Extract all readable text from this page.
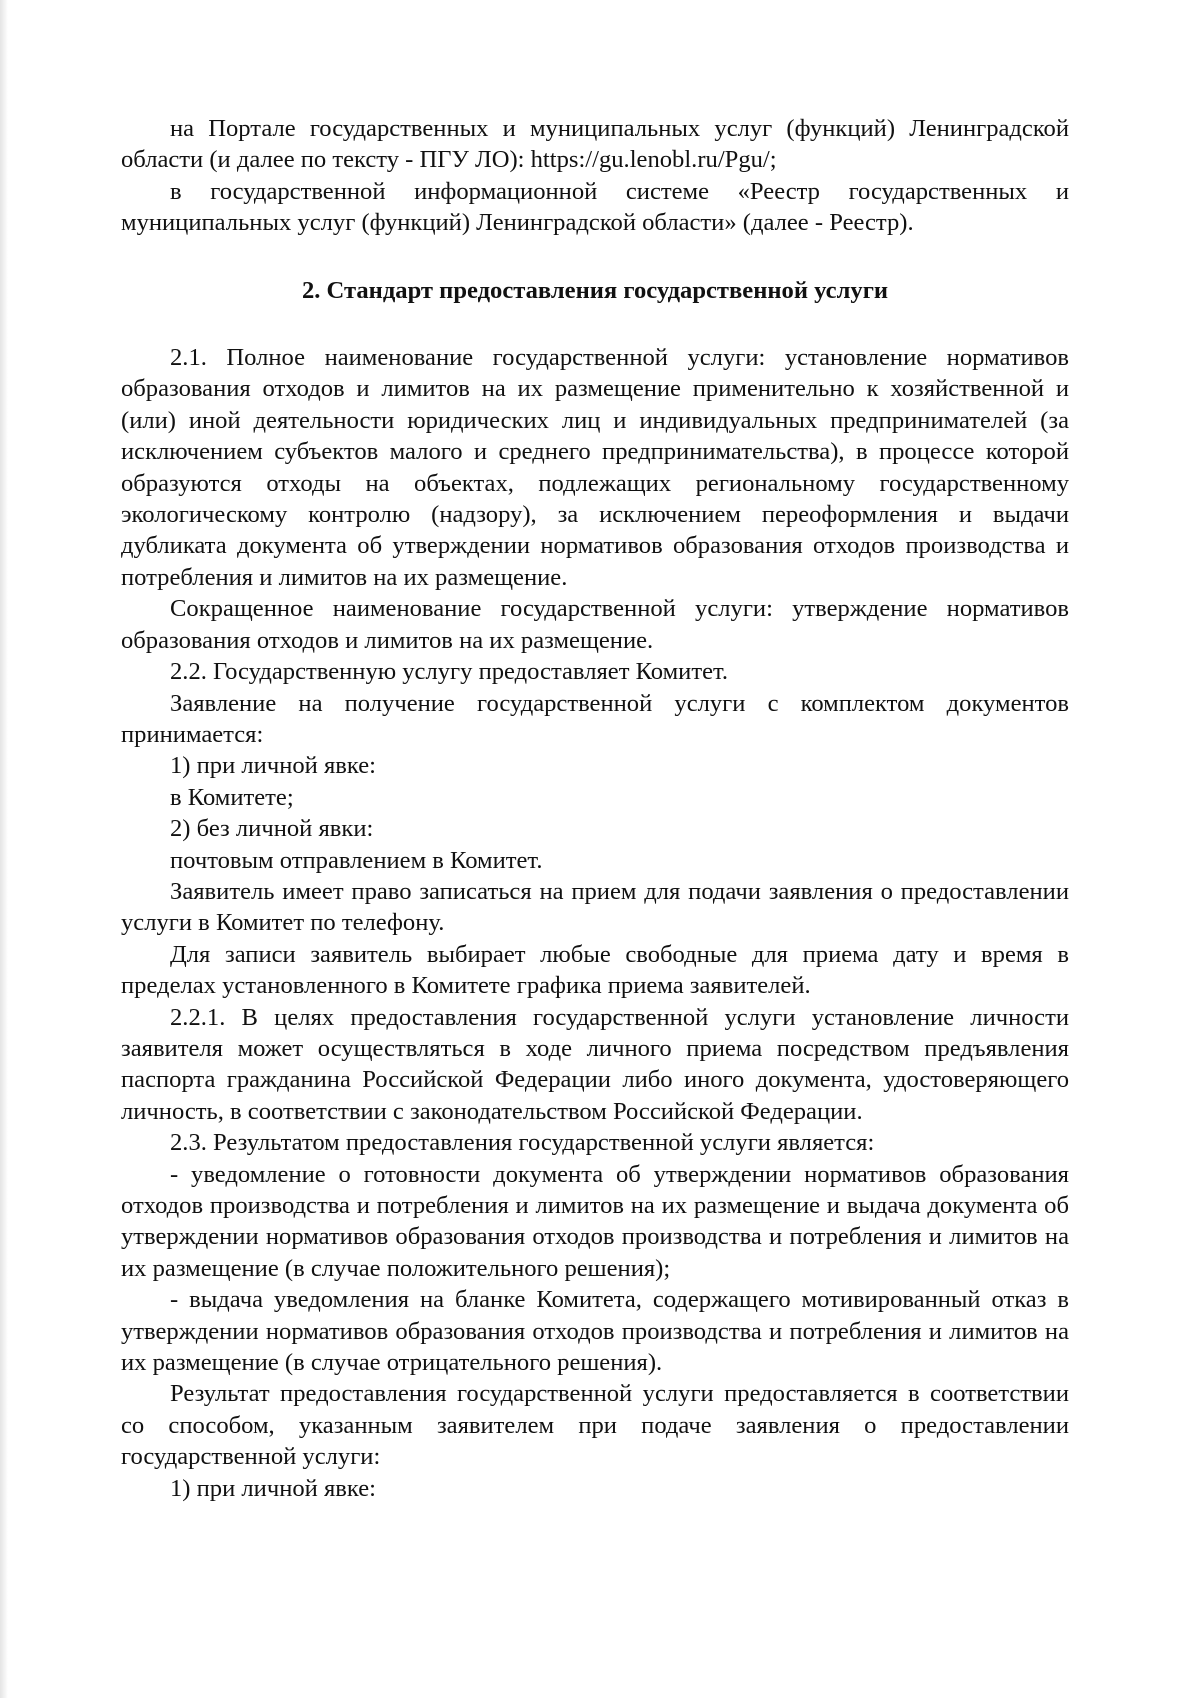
на Портале государственных и муниципальных услуг (функций) Ленинградской области (и далее по тексту - ПГУ ЛО): https://gu.lenobl.ru/Pgu/;

в государственной информационной системе «Реестр государственных и муниципальных услуг (функций) Ленинградской области» (далее - Реестр).

2. Стандарт предоставления государственной услуги

2.1. Полное наименование государственной услуги: установление нормативов образования отходов и лимитов на их размещение применительно к хозяйственной и (или) иной деятельности юридических лиц и индивидуальных предпринимателей (за исключением субъектов малого и среднего предпринимательства), в процессе которой образуются отходы на объектах, подлежащих региональному государственному экологическому контролю (надзору), за исключением переоформления и выдачи дубликата документа об утверждении нормативов образования отходов производства и потребления и лимитов на их размещение.

Сокращенное наименование государственной услуги: утверждение нормативов образования отходов и лимитов на их размещение.

2.2. Государственную услугу предоставляет Комитет.

Заявление на получение государственной услуги с комплектом документов принимается:

1) при личной явке:

в Комитете;

2) без личной явки:

почтовым отправлением в Комитет.

Заявитель имеет право записаться на прием для подачи заявления о предоставлении услуги в Комитет по телефону.

Для записи заявитель выбирает любые свободные для приема дату и время в пределах установленного в Комитете графика приема заявителей.

2.2.1. В целях предоставления государственной услуги установление личности заявителя может осуществляться в ходе личного приема посредством предъявления паспорта гражданина Российской Федерации либо иного документа, удостоверяющего личность, в соответствии с законодательством Российской Федерации.

2.3. Результатом предоставления государственной услуги является:

- уведомление о готовности документа об утверждении нормативов образования отходов производства и потребления и лимитов на их размещение и выдача документа об утверждении нормативов образования отходов производства и потребления и лимитов на их размещение (в случае положительного решения);

- выдача уведомления на бланке Комитета, содержащего мотивированный отказ в утверждении нормативов образования отходов производства и потребления и лимитов на их размещение (в случае отрицательного решения).

Результат предоставления государственной услуги предоставляется в соответствии со способом, указанным заявителем при подаче заявления о предоставлении государственной услуги:

1) при личной явке:
